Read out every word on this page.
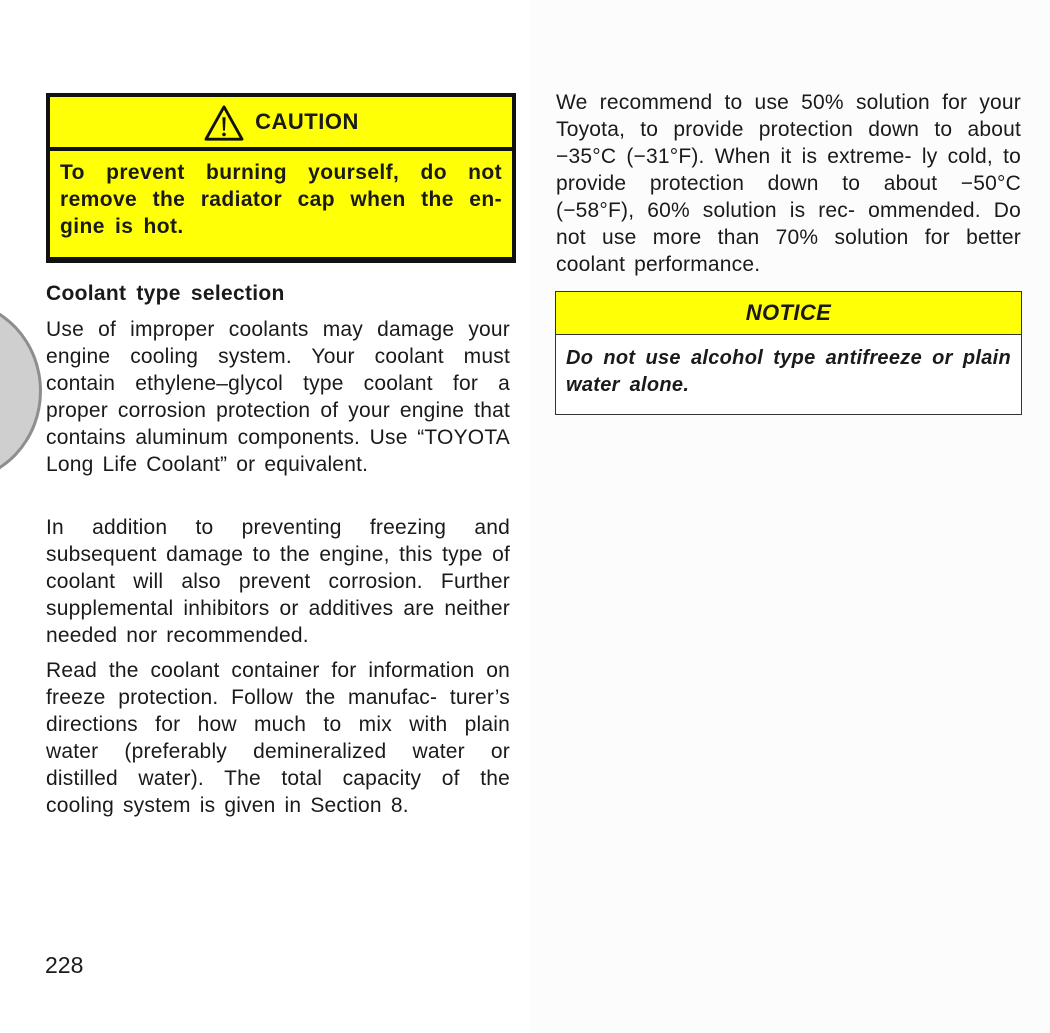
CAUTION

To prevent burning yourself, do not remove the radiator cap when the en- gine is hot.

Coolant type selection

Use of improper coolants may damage your engine cooling system. Your coolant must contain ethylene–glycol type coolant for a proper corrosion protection of your engine that contains aluminum components. Use “TOYOTA Long Life Coolant” or equivalent.

In addition to preventing freezing and subsequent damage to the engine, this type of coolant will also prevent corrosion. Further supplemental inhibitors or additives are neither needed nor recommended.

Read the coolant container for information on freeze protection. Follow the manufac- turer’s directions for how much to mix with plain water (preferably demineralized water or distilled water). The total capacity of the cooling system is given in Section 8.

228

We recommend to use 50% solution for your Toyota, to provide protection down to about −35°C (−31°F). When it is extreme- ly cold, to provide protection down to about −50°C (−58°F), 60% solution is rec- ommended. Do not use more than 70% solution for better coolant performance.

NOTICE

Do not use alcohol type antifreeze or plain water alone.
